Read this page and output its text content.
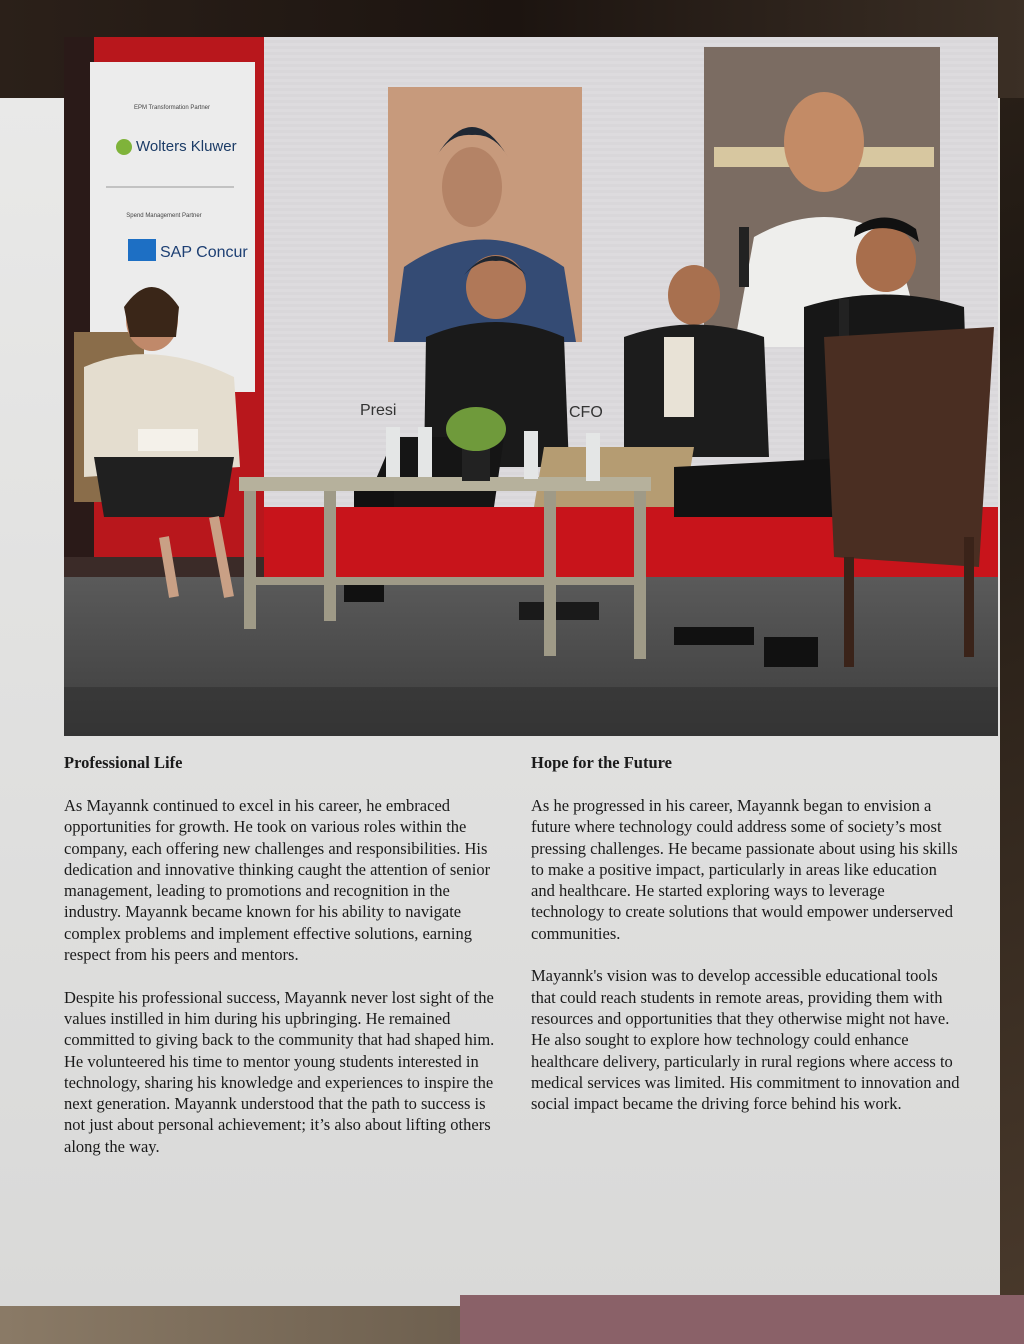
EPM Transformation Partner
Wolters Kluwer
Spend Management Partner
SAP Concur
Presi	CFO
Professional Life

As Mayannk continued to excel in his career, he embraced opportunities for growth. He took on various roles within the company, each offering new challenges and responsibilities. His dedication and innovative thinking caught the attention of senior management, leading to promotions and recognition in the industry. Mayannk became known for his ability to navigate complex problems and implement effective solutions, earning respect from his peers and mentors.

Despite his professional success, Mayannk never lost sight of the values instilled in him during his upbringing. He remained committed to giving back to the community that had shaped him. He volunteered his time to mentor young students interested in technology, sharing his knowledge and experiences to inspire the next generation. Mayannk understood that the path to success is not just about personal achievement; it’s also about lifting others along the way.

Hope for the Future

As he progressed in his career, Mayannk began to envision a future where technology could address some of society’s most pressing challenges. He became passionate about using his skills to make a positive impact, particularly in areas like education and healthcare. He started exploring ways to leverage technology to create solutions that would empower underserved communities.

Mayannk's vision was to develop accessible educational tools that could reach students in remote areas, providing them with resources and opportunities that they otherwise might not have. He also sought to explore how technology could enhance healthcare delivery, particularly in rural regions where access to medical services was limited. His commitment to innovation and social impact became the driving force behind his work.
